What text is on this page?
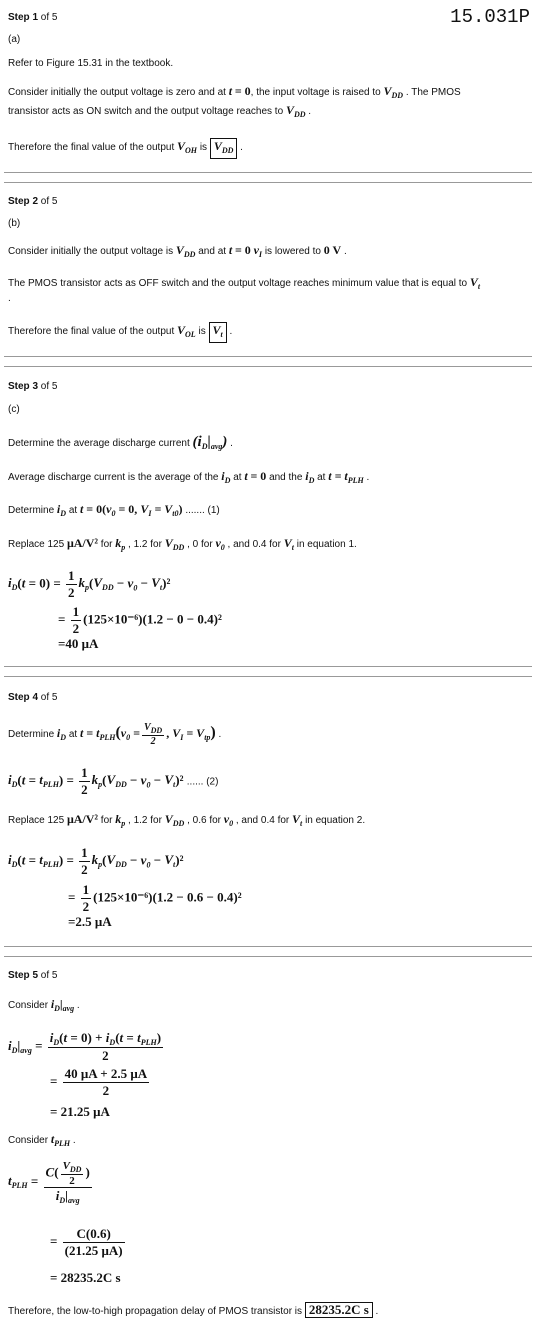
15.031P
Step 1 of 5
(a)
Refer to Figure 15.31 in the textbook.
Consider initially the output voltage is zero and at t = 0, the input voltage is raised to $V_{DD}$ . The PMOS
transistor acts as ON switch and the output voltage reaches to $V_{DD}$ .
Therefore the final value of the output $V_{OH}$ is $V_{DD}$ .
Step 2 of 5
(b)
Consider initially the output voltage is $V_{DD}$ and at t = 0 $v_I$ is lowered to 0 V .
The PMOS transistor acts as OFF switch and the output voltage reaches minimum value that is equal to $V_t$
.
Therefore the final value of the output $V_{OL}$ is $V_t$ .
Step 3 of 5
(c)
Determine the average discharge current $(i_D|_{avg})$ .
Average discharge current is the average of the $i_D$ at t = 0 and the $i_D$ at $t = t_{PLH}$ .
Determine $i_D$ at $t = 0(v_0 = 0$, $V_I = V_{t0}$) ....... (1)
Replace 125 μA/V² for $k_p$ , 1.2 for $V_{DD}$ , 0 for $v_0$ , and 0.4 for $V_t$ in equation 1.
$i_D(t = 0) = \frac{1}{2} k_p(V_{DD} - v_0 - V_t)^2$
= $\frac{1}{2} (125\times 10^{-6})(1.2 - 0 - 0.4)^2$
=40 μA
Step 4 of 5
Determine $i_D$ at $t = t_{PLH}(v_0 = \frac{V_{DD}}{2}$ , $V_I = V_{tp}$) .
$i_D(t = t_{PLH}) = \frac{1}{2} k_p(V_{DD} - v_0 - V_t)^2$ ...... (2)
Replace 125 μA/V² for $k_p$ , 1.2 for $V_{DD}$ , 0.6 for $v_0$ , and 0.4 for $V_t$ in equation 2.
$i_D(t = t_{PLH}) = \frac{1}{2} k_p(V_{DD} - v_0 - V_t)^2$
= $\frac{1}{2} (125\times 10^{-6})(1.2 - 0.6 - 0.4)^2$
=2.5 μA
Step 5 of 5
Consider $i_D|_{avg}$ .
$i_D|_{avg} = \frac{i_D(t = 0) + i_D(t = t_{PLH})}{2}$
= $\frac{40 \mu A + 2.5 \mu A}{2}$
= 21.25 μA
Consider $t_{PLH}$ .
$t_{PLH} = \frac{C( \frac{V_{DD}}{2} )}{i_D|_{avg}}$
= $\frac{C(0.6)}{(21.25 \mu A)}$
= 28235.2C s
Therefore, the low-to-high propagation delay of PMOS transistor is 28235.2C s .
